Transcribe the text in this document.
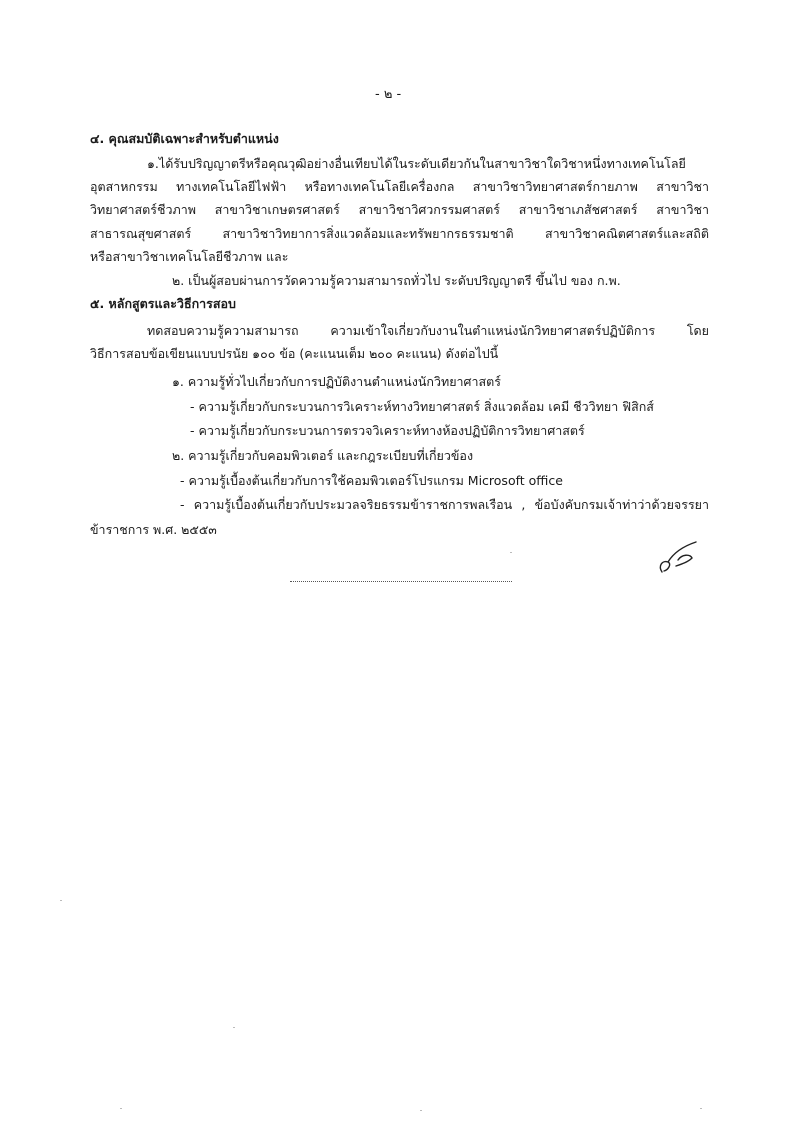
- ๒ -
๔. คุณสมบัติเฉพาะสำหรับตำแหน่ง
๑.ได้รับปริญญาตรีหรือคุณวุฒิอย่างอื่นเทียบได้ในระดับเดียวกันในสาขาวิชาใดวิชาหนึ่งทางเทคโนโลยี
อุตสาหกรรม ทางเทคโนโลยีไฟฟ้า หรือทางเทคโนโลยีเครื่องกล สาขาวิชาวิทยาศาสตร์กายภาพ สาขาวิชา
วิทยาศาสตร์ชีวภาพ สาขาวิชาเกษตรศาสตร์ สาขาวิชาวิศวกรรมศาสตร์ สาขาวิชาเภสัชศาสตร์ สาขาวิชา
สาธารณสุขศาสตร์ สาขาวิชาวิทยาการสิ่งแวดล้อมและทรัพยากรธรรมชาติ สาขาวิชาคณิตศาสตร์และสถิติ
หรือสาขาวิชาเทคโนโลยีชีวภาพ และ
๒. เป็นผู้สอบผ่านการวัดความรู้ความสามารถทั่วไป ระดับปริญญาตรี ขึ้นไป ของ ก.พ.
๕. หลักสูตรและวิธีการสอบ
ทดสอบความรู้ความสามารถ ความเข้าใจเกี่ยวกับงานในตำแหน่งนักวิทยาศาสตร์ปฏิบัติการ โดย
วิธีการสอบข้อเขียนแบบปรนัย ๑๐๐ ข้อ (คะแนนเต็ม ๒๐๐ คะแนน) ดังต่อไปนี้
๑. ความรู้ทั่วไปเกี่ยวกับการปฏิบัติงานตำแหน่งนักวิทยาศาสตร์
- ความรู้เกี่ยวกับกระบวนการวิเคราะห์ทางวิทยาศาสตร์ สิ่งแวดล้อม เคมี ชีววิทยา ฟิสิกส์
- ความรู้เกี่ยวกับกระบวนการตรวจวิเคราะห์ทางห้องปฏิบัติการวิทยาศาสตร์
๒. ความรู้เกี่ยวกับคอมพิวเตอร์ และกฎระเบียบที่เกี่ยวข้อง
- ความรู้เบื้องต้นเกี่ยวกับการใช้คอมพิวเตอร์โปรแกรม Microsoft office
- ความรู้เบื้องต้นเกี่ยวกับประมวลจริยธรรมข้าราชการพลเรือน , ข้อบังคับกรมเจ้าท่าว่าด้วยจรรยา
ข้าราชการ พ.ศ. ๒๕๕๓
